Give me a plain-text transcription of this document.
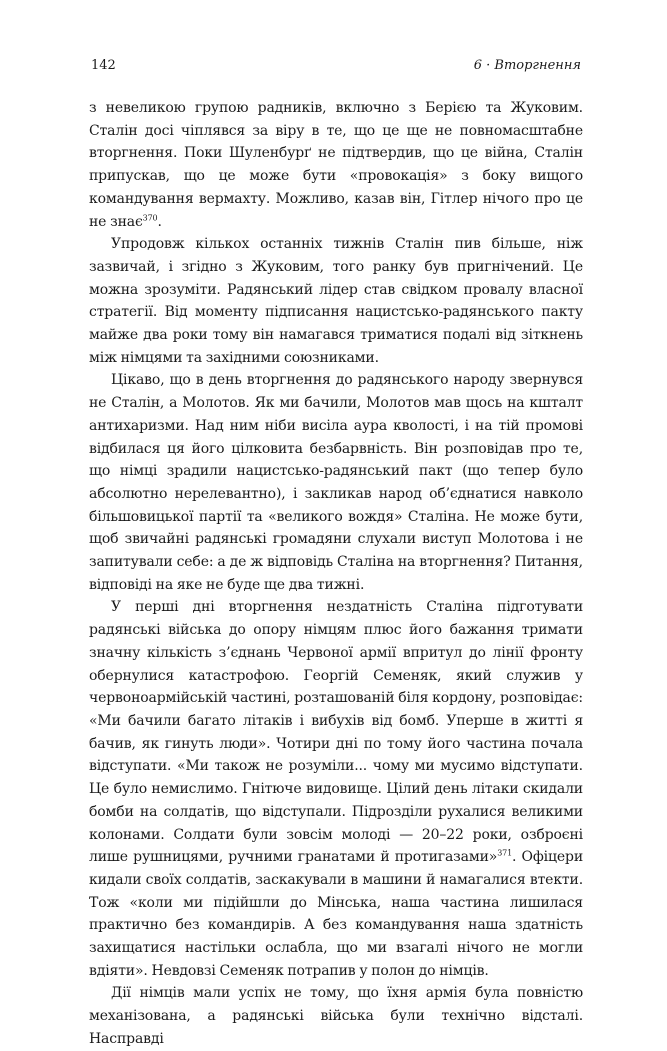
142	6 · Вторгнення

з невеликою групою радників, включно з Берією та Жуковим. Сталін досі чіплявся за віру в те, що це ще не повномасштабне вторгнення. Поки Шуленбурґ не підтвердив, що це війна, Сталін припускав, що це може бути «провокація» з боку вищого командування вермахту. Можливо, казав він, Гітлер нічого про це не знає$^{370}$.

Упродовж кількох останніх тижнів Сталін пив більше, ніж зазвичай, і згідно з Жуковим, того ранку був пригнічений. Це можна зрозуміти. Радянський лідер став свідком провалу власної стратегії. Від моменту підписання нацистсько-радянського пакту майже два роки тому він намагався триматися подалі від зіткнень між німцями та західними союзниками.

Цікаво, що в день вторгнення до радянського народу звернувся не Сталін, а Молотов. Як ми бачили, Молотов мав щось на кшталт антихаризми. Над ним ніби висіла аура кволості, і на тій промові відбилася ця його цілковита безбарвність. Він розповідав про те, що німці зрадили нацистсько-радянський пакт (що тепер було абсолютно нерелевантно), і закликав народ об’єднатися навколо більшовицької партії та «великого вождя» Сталіна. Не може бути, щоб звичайні радянські громадяни слухали виступ Молотова і не запитували себе: а де ж відповідь Сталіна на вторгнення? Питання, відповіді на яке не буде ще два тижні.

У перші дні вторгнення нездатність Сталіна підготувати радянські війська до опору німцям плюс його бажання тримати значну кількість з’єднань Червоної армії впритул до лінії фронту обернулися катастрофою. Георгій Семеняк, який служив у червоноармійській частині, розташованій біля кордону, розповідає: «Ми бачили багато літаків і вибухів від бомб. Уперше в житті я бачив, як гинуть люди». Чотири дні по тому його частина почала відступати. «Ми також не розуміли... чому ми мусимо відступати. Це було немислимо. Гнітюче видовище. Цілий день літаки скидали бомби на солдатів, що відступали. Підрозділи рухалися великими колонами. Солдати були зовсім молоді — 20–22 роки, озброєні лише рушницями, ручними гранатами й протигазами»$^{371}$. Офіцери кидали своїх солдатів, заскакували в машини й намагалися втекти. Тож «коли ми підійшли до Мінська, наша частина лишилася практично без командирів. А без командування наша здатність захищатися настільки ослабла, що ми взагалі нічого не могли вдіяти». Невдовзі Семеняк потрапив у полон до німців.

Дії німців мали успіх не тому, що їхня армія була повністю механізована, а радянські війська були технічно відсталі. Насправді
